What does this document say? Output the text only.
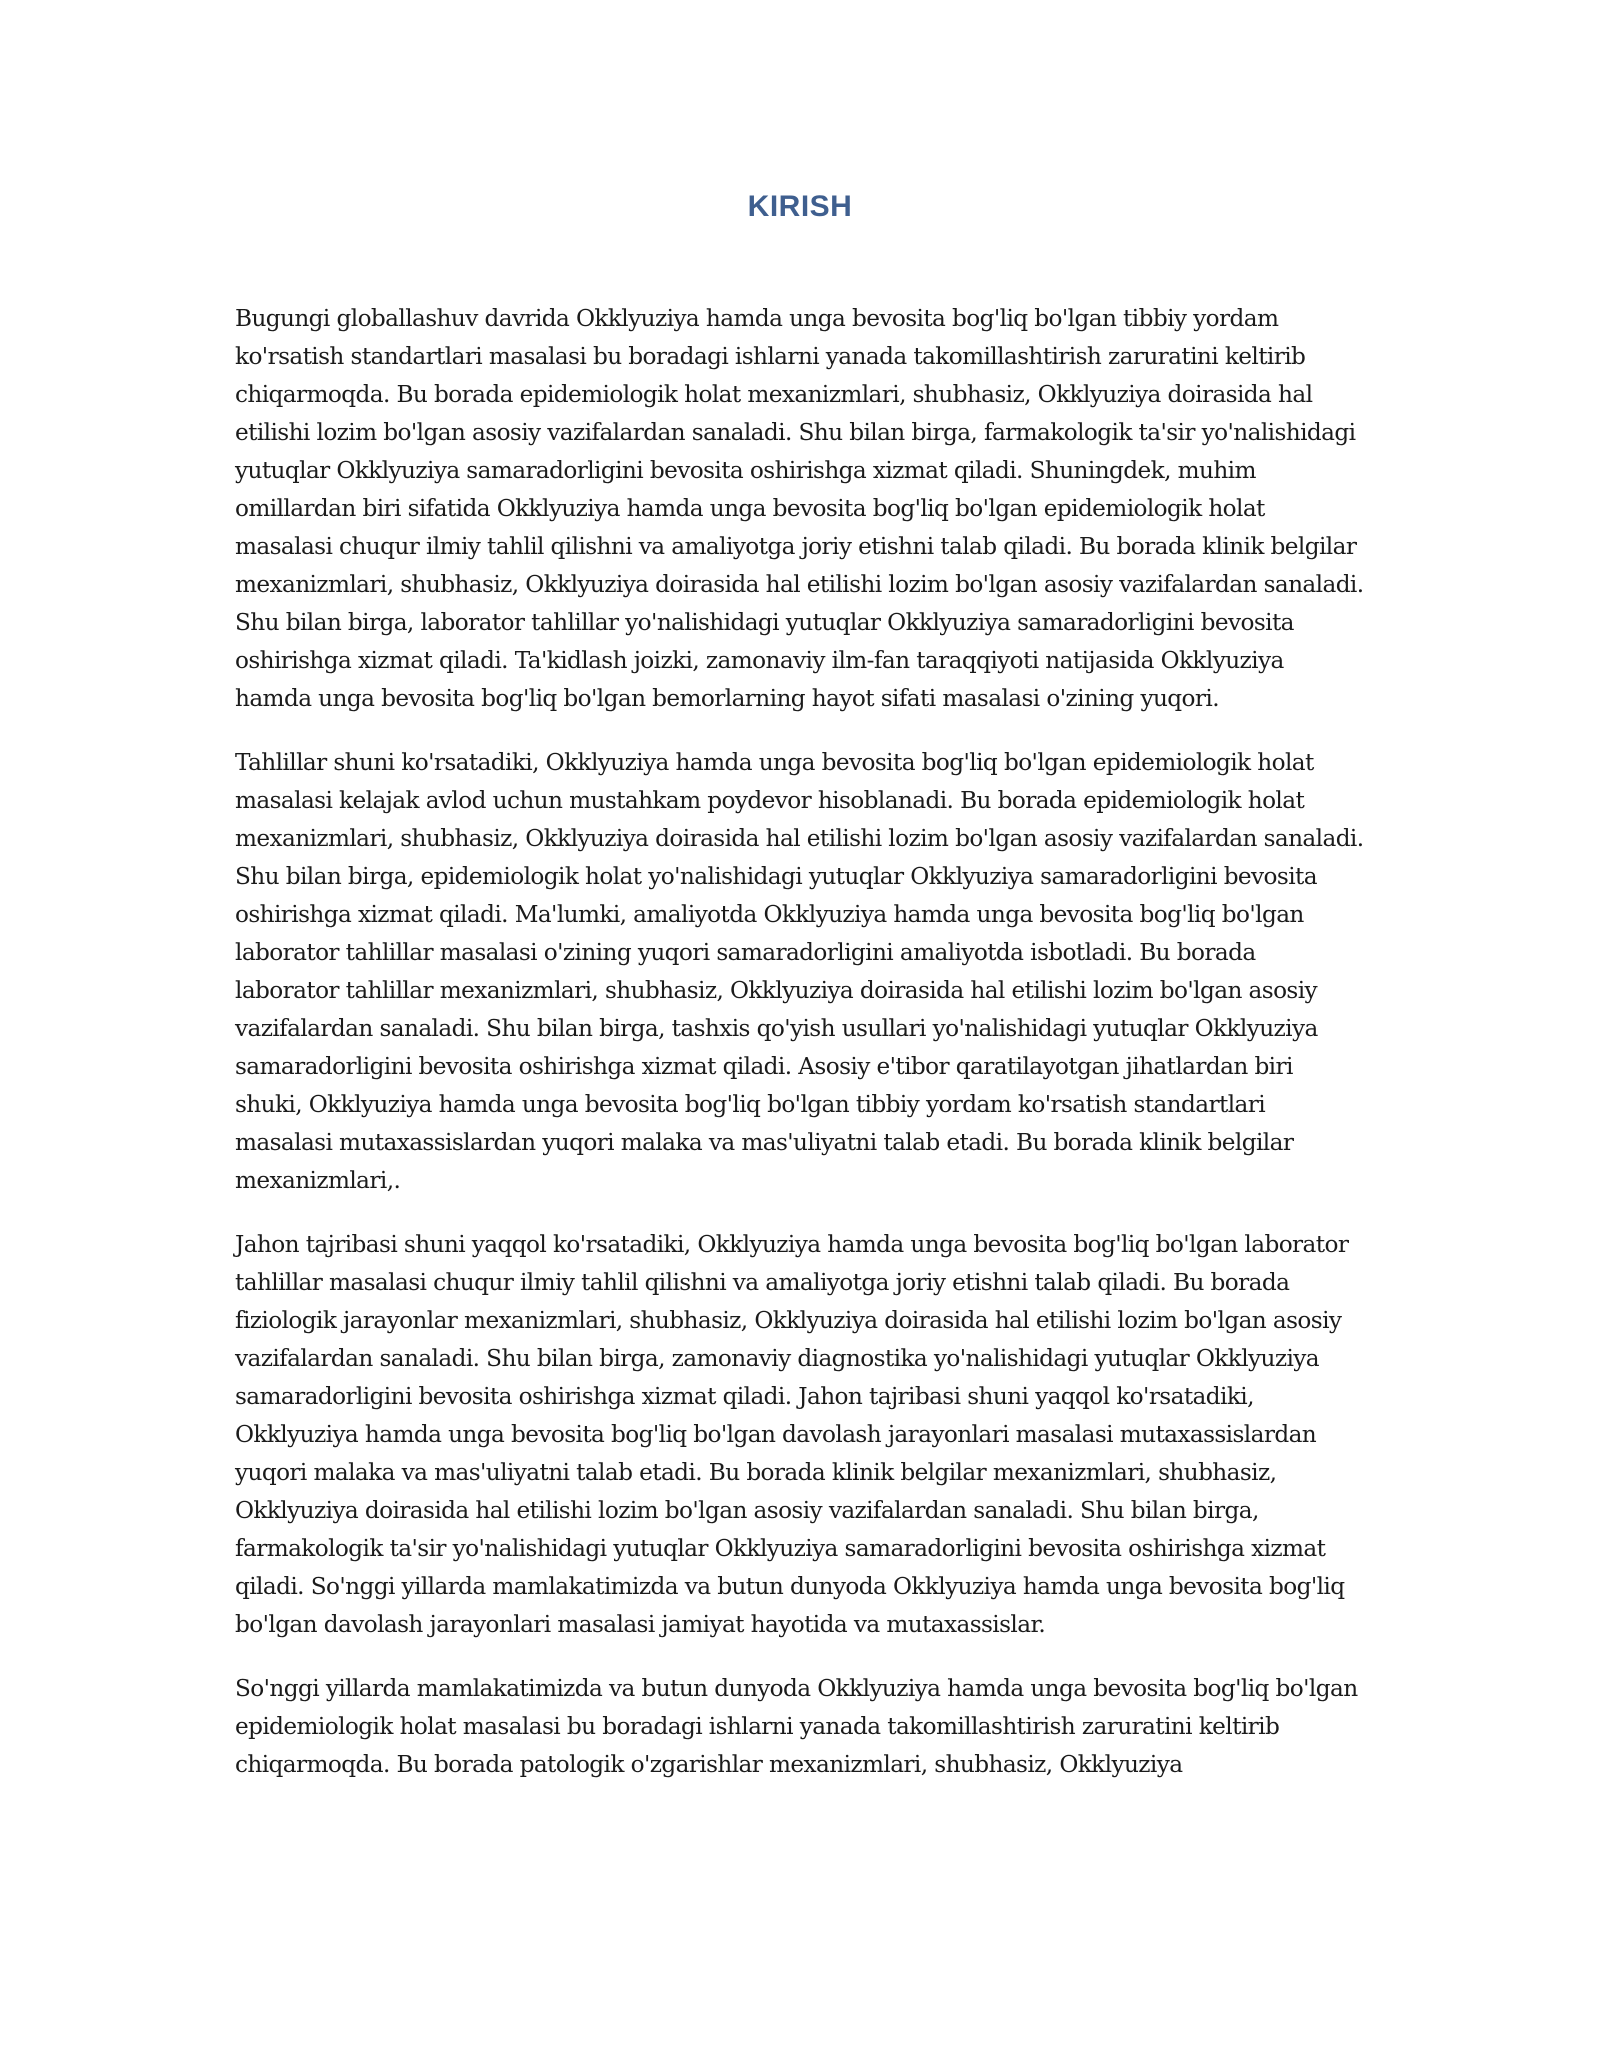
KIRISH

Bugungi globallashuv davrida Okklyuziya hamda unga bevosita bog'liq bo'lgan tibbiy yordam ko'rsatish standartlari masalasi bu boradagi ishlarni yanada takomillashtirish zaruratini keltirib chiqarmoqda. Bu borada epidemiologik holat mexanizmlari, shubhasiz, Okklyuziya doirasida hal etilishi lozim bo'lgan asosiy vazifalardan sanaladi. Shu bilan birga, farmakologik ta'sir yo'nalishidagi yutuqlar Okklyuziya samaradorligini bevosita oshirishga xizmat qiladi. Shuningdek, muhim omillardan biri sifatida Okklyuziya hamda unga bevosita bog'liq bo'lgan epidemiologik holat masalasi chuqur ilmiy tahlil qilishni va amaliyotga joriy etishni talab qiladi. Bu borada klinik belgilar mexanizmlari, shubhasiz, Okklyuziya doirasida hal etilishi lozim bo'lgan asosiy vazifalardan sanaladi. Shu bilan birga, laborator tahlillar yo'nalishidagi yutuqlar Okklyuziya samaradorligini bevosita oshirishga xizmat qiladi. Ta'kidlash joizki, zamonaviy ilm-fan taraqqiyoti natijasida Okklyuziya hamda unga bevosita bog'liq bo'lgan bemorlarning hayot sifati masalasi o'zining yuqori.

Tahlillar shuni ko'rsatadiki, Okklyuziya hamda unga bevosita bog'liq bo'lgan epidemiologik holat masalasi kelajak avlod uchun mustahkam poydevor hisoblanadi. Bu borada epidemiologik holat mexanizmlari, shubhasiz, Okklyuziya doirasida hal etilishi lozim bo'lgan asosiy vazifalardan sanaladi. Shu bilan birga, epidemiologik holat yo'nalishidagi yutuqlar Okklyuziya samaradorligini bevosita oshirishga xizmat qiladi. Ma'lumki, amaliyotda Okklyuziya hamda unga bevosita bog'liq bo'lgan laborator tahlillar masalasi o'zining yuqori samaradorligini amaliyotda isbotladi. Bu borada laborator tahlillar mexanizmlari, shubhasiz, Okklyuziya doirasida hal etilishi lozim bo'lgan asosiy vazifalardan sanaladi. Shu bilan birga, tashxis qo'yish usullari yo'nalishidagi yutuqlar Okklyuziya samaradorligini bevosita oshirishga xizmat qiladi. Asosiy e'tibor qaratilayotgan jihatlardan biri shuki, Okklyuziya hamda unga bevosita bog'liq bo'lgan tibbiy yordam ko'rsatish standartlari masalasi mutaxassislardan yuqori malaka va mas'uliyatni talab etadi. Bu borada klinik belgilar mexanizmlari,.

Jahon tajribasi shuni yaqqol ko'rsatadiki, Okklyuziya hamda unga bevosita bog'liq bo'lgan laborator tahlillar masalasi chuqur ilmiy tahlil qilishni va amaliyotga joriy etishni talab qiladi. Bu borada fiziologik jarayonlar mexanizmlari, shubhasiz, Okklyuziya doirasida hal etilishi lozim bo'lgan asosiy vazifalardan sanaladi. Shu bilan birga, zamonaviy diagnostika yo'nalishidagi yutuqlar Okklyuziya samaradorligini bevosita oshirishga xizmat qiladi. Jahon tajribasi shuni yaqqol ko'rsatadiki, Okklyuziya hamda unga bevosita bog'liq bo'lgan davolash jarayonlari masalasi mutaxassislardan yuqori malaka va mas'uliyatni talab etadi. Bu borada klinik belgilar mexanizmlari, shubhasiz, Okklyuziya doirasida hal etilishi lozim bo'lgan asosiy vazifalardan sanaladi. Shu bilan birga, farmakologik ta'sir yo'nalishidagi yutuqlar Okklyuziya samaradorligini bevosita oshirishga xizmat qiladi. So'nggi yillarda mamlakatimizda va butun dunyoda Okklyuziya hamda unga bevosita bog'liq bo'lgan davolash jarayonlari masalasi jamiyat hayotida va mutaxassislar.

So'nggi yillarda mamlakatimizda va butun dunyoda Okklyuziya hamda unga bevosita bog'liq bo'lgan epidemiologik holat masalasi bu boradagi ishlarni yanada takomillashtirish zaruratini keltirib chiqarmoqda. Bu borada patologik o'zgarishlar mexanizmlari, shubhasiz, Okklyuziya
